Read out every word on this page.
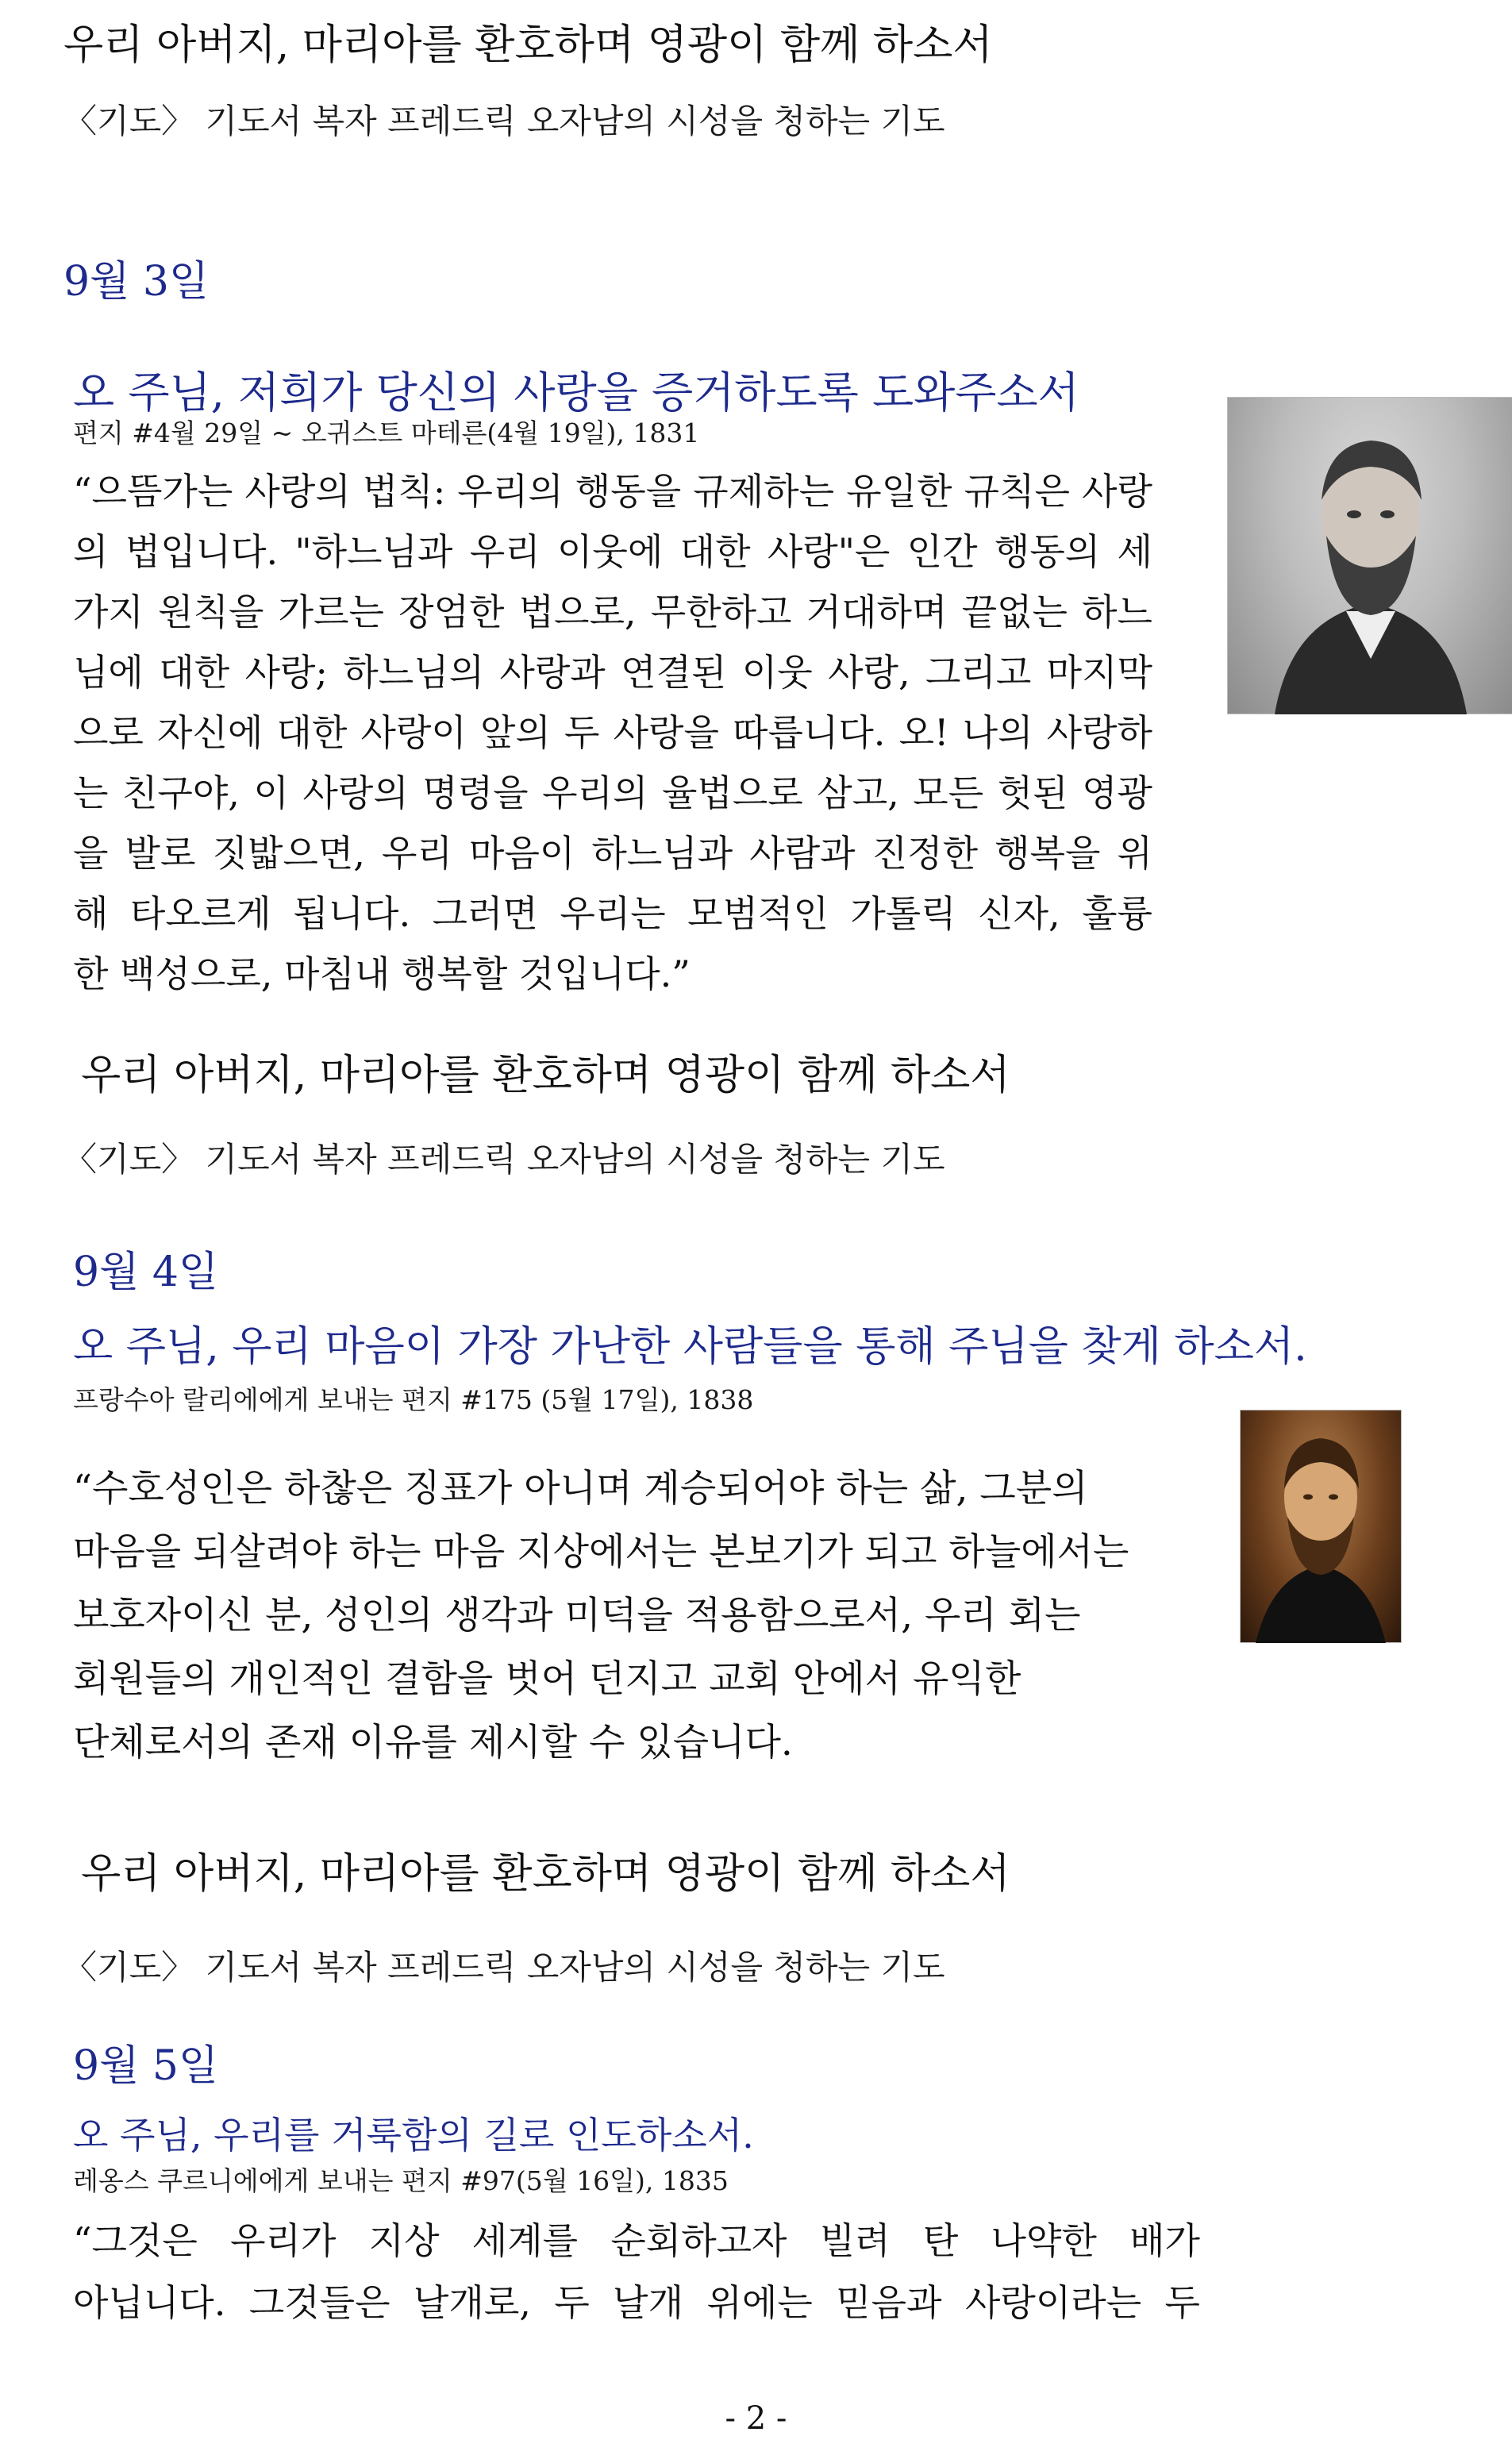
우리 아버지, 마리아를 환호하며 영광이 함께 하소서

〈기도〉 기도서 복자 프레드릭 오자남의 시성을 청하는 기도

9월 3일

오 주님, 저희가 당신의 사랑을 증거하도록 도와주소서

편지 #4월 29일 ~ 오귀스트 마테른(4월 19일), 1831

“으뜸가는 사랑의 법칙: 우리의 행동을 규제하는 유일한 규칙은 사랑
의 법입니다. "하느님과 우리 이웃에 대한 사랑"은 인간 행동의 세
가지 원칙을 가르는 장엄한 법으로, 무한하고 거대하며 끝없는 하느
님에 대한 사랑; 하느님의 사랑과 연결된 이웃 사랑, 그리고 마지막
으로 자신에 대한 사랑이 앞의 두 사랑을 따릅니다. 오! 나의 사랑하
는 친구야, 이 사랑의 명령을 우리의 율법으로 삼고, 모든 헛된 영광
을 발로 짓밟으면, 우리 마음이 하느님과 사람과 진정한 행복을 위
해 타오르게 됩니다. 그러면 우리는 모범적인 가톨릭 신자, 훌륭
한 백성으로, 마침내 행복할 것입니다.”

우리 아버지, 마리아를 환호하며 영광이 함께 하소서

〈기도〉 기도서 복자 프레드릭 오자남의 시성을 청하는 기도

9월 4일

오 주님, 우리 마음이 가장 가난한 사람들을 통해 주님을 찾게 하소서.

프랑수아 랄리에에게 보내는 편지 #175 (5월 17일), 1838

“수호성인은 하찮은 징표가 아니며 계승되어야 하는 삶, 그분의
마음을 되살려야 하는 마음 지상에서는 본보기가 되고 하늘에서는
보호자이신 분, 성인의 생각과 미덕을 적용함으로서, 우리 회는
회원들의 개인적인 결함을 벗어 던지고 교회 안에서 유익한
단체로서의 존재 이유를 제시할 수 있습니다.

우리 아버지, 마리아를 환호하며 영광이 함께 하소서

〈기도〉 기도서 복자 프레드릭 오자남의 시성을 청하는 기도

9월 5일

오 주님, 우리를 거룩함의 길로 인도하소서.

레옹스 쿠르니에에게 보내는 편지 #97(5월 16일), 1835

“그것은 우리가 지상 세계를 순회하고자 빌려 탄 나약한 배가
아닙니다. 그것들은 날개로, 두 날개 위에는 믿음과 사랑이라는 두

- 2 -
